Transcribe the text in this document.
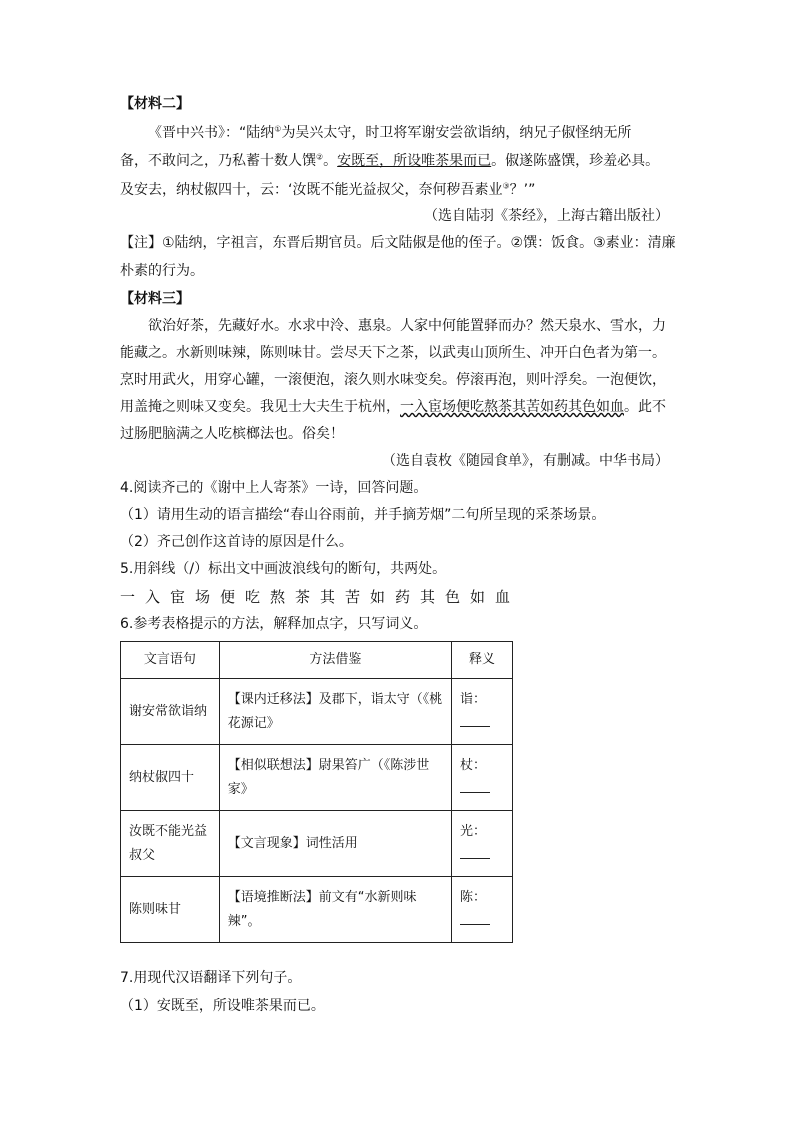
【材料二】
《晋中兴书》：“陆纳①为吴兴太守，时卫将军谢安尝欲诣纳，纳兄子俶怪纳无所
备，不敢问之，乃私蓄十数人馔②。安既至，所设唯茶果而已。俶遂陈盛馔，珍羞必具。
及安去，纳杖俶四十，云：‘汝既不能光益叔父，奈何秽吾素业③？’”
（选自陆羽《茶经》，上海古籍出版社）
【注】①陆纳，字祖言，东晋后期官员。后文陆俶是他的侄子。②馔：饭食。③素业：清廉
朴素的行为。
【材料三】
欲治好茶，先藏好水。水求中泠、惠泉。人家中何能置驿而办？然天泉水、雪水，力
能藏之。水新则味辣，陈则味甘。尝尽天下之茶，以武夷山顶所生、冲开白色者为第一。
烹时用武火，用穿心罐，一滚便泡，滚久则水味变矣。停滚再泡，则叶浮矣。一泡便饮，
用盖掩之则味又变矣。我见士大夫生于杭州，一入宦场便吃熬茶其苦如药其色如血。此不
过肠肥脑满之人吃槟榔法也。俗矣！
（选自袁枚《随园食单》，有删减。中华书局）
4.阅读齐己的《谢中上人寄茶》一诗，回答问题。
（1）请用生动的语言描绘“春山谷雨前，并手摘芳烟”二句所呈现的采茶场景。
（2）齐己创作这首诗的原因是什么。
5.用斜线（/）标出文中画波浪线句的断句，共两处。
一入宦场便吃熬茶其苦如药其色如血
6.参考表格提示的方法，解释加点字，只写词义。
文言语句	方法借鉴	释义
谢安常欲诣纳	【课内迁移法】及郡下，诣太守（《桃花源记》	诣：

纳杖俶四十	【相似联想法】尉果笞广（《陈涉世家》	杖：

汝既不能光益叔父	【文言现象】词性活用	光：

陈则味甘	【语境推断法】前文有“水新则味辣”。	陈：

7.用现代汉语翻译下列句子。
（1）安既至，所设唯茶果而已。
